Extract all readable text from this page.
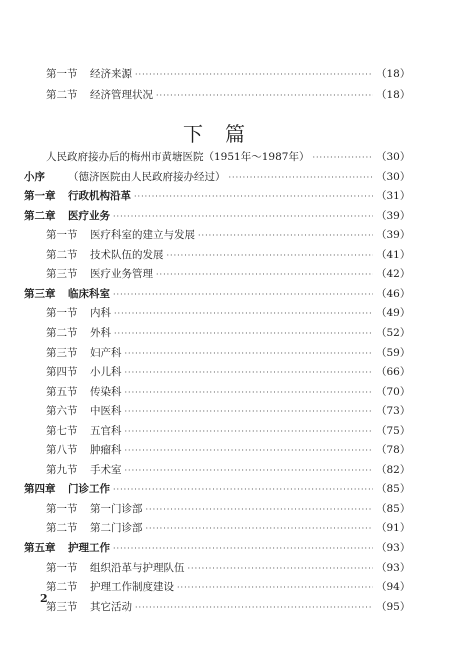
第一节	经济来源 ·····	（18）
第二节	经济管理状况 ·····	（18）
下篇
人民政府接办后的梅州市黄塘医院（1951年～1987年） ·····	（30）
小序	（德济医院由人民政府接办经过） ·····	（30）
第一章	行政机构沿革 ·····	（31）
第二章	医疗业务 ·····	（39）
第一节	医疗科室的建立与发展 ·····	（39）
第二节	技术队伍的发展 ·····	（41）
第三节	医疗业务管理 ·····	（42）
第三章	临床科室 ·····	（46）
第一节	内科 ·····	（49）
第二节	外科 ·····	（52）
第三节	妇产科 ·····	（59）
第四节	小儿科 ·····	（66）
第五节	传染科 ·····	（70）
第六节	中医科 ·····	（73）
第七节	五官科 ·····	（75）
第八节	肿瘤科 ·····	（78）
第九节	手术室 ·····	（82）
第四章	门诊工作 ·····	（85）
第一节	第一门诊部 ·····	（85）
第二节	第二门诊部 ·····	（91）
第五章	护理工作 ·····	（93）
第一节	组织沿革与护理队伍 ·····	（93）
第二节	护理工作制度建设 ·····	（94）
第三节	其它活动 ·····	（95）
2
